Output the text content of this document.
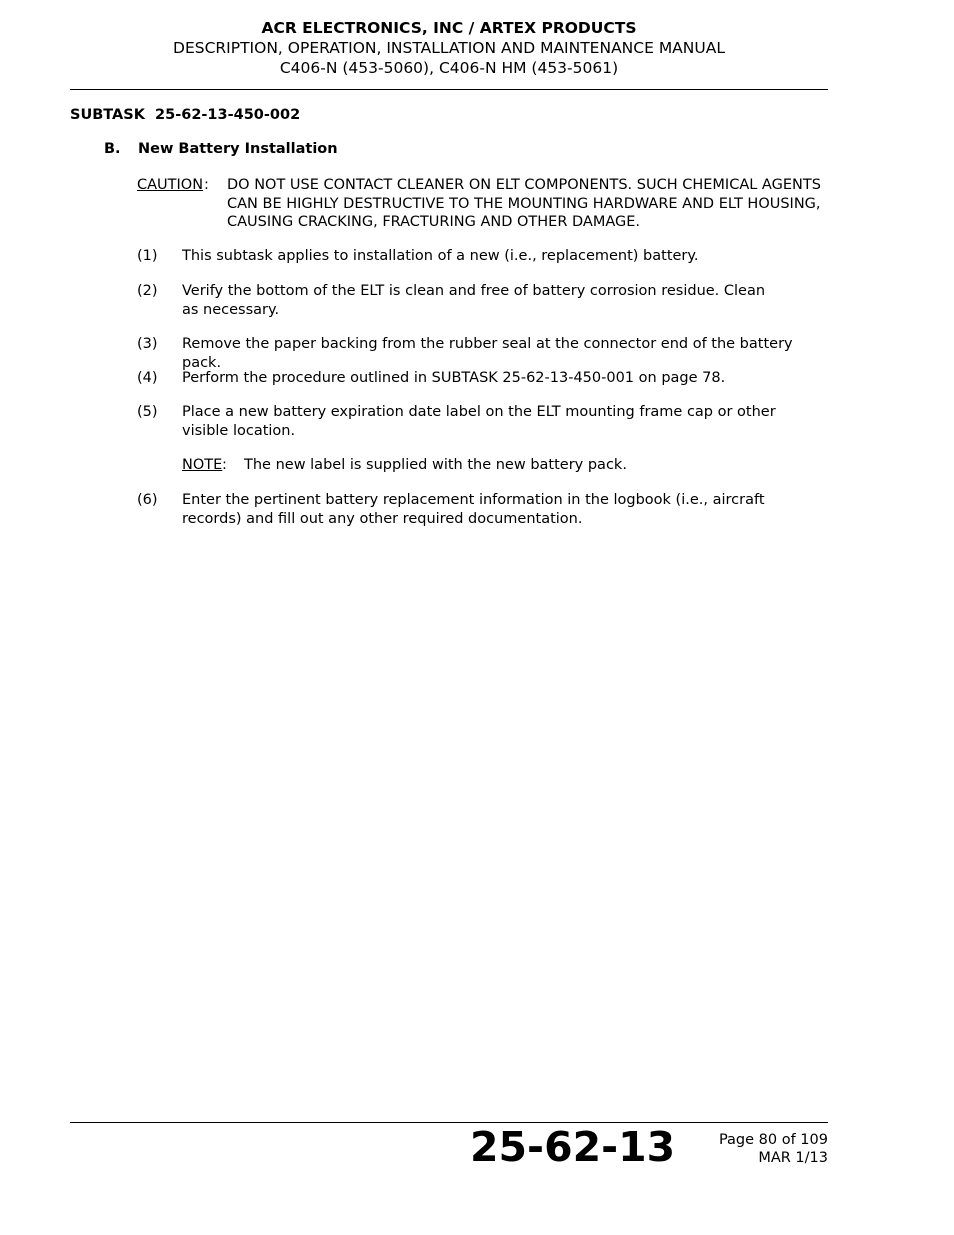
ACR ELECTRONICS, INC / ARTEX PRODUCTS
DESCRIPTION, OPERATION, INSTALLATION AND MAINTENANCE MANUAL
C406-N (453-5060), C406-N HM (453-5061)
SUBTASK  25-62-13-450-002
B. New Battery Installation
CAUTION : DO NOT USE CONTACT CLEANER ON ELT COMPONENTS. SUCH CHEMICAL AGENTS CAN BE HIGHLY DESTRUCTIVE TO THE MOUNTING HARDWARE AND ELT HOUSING, CAUSING CRACKING, FRACTURING AND OTHER DAMAGE.
(1) This subtask applies to installation of a new (i.e., replacement) battery.
(2) Verify the bottom of the ELT is clean and free of battery corrosion residue. Clean as necessary.
(3) Remove the paper backing from the rubber seal at the connector end of the battery pack.
(4) Perform the procedure outlined in SUBTASK 25-62-13-450-001 on page 78.
(5) Place a new battery expiration date label on the ELT mounting frame cap or other visible location.
NOTE : The new label is supplied with the new battery pack.
(6) Enter the pertinent battery replacement information in the logbook (i.e., aircraft records) and fill out any other required documentation.
25-62-13	Page 80 of 109
MAR 1/13
